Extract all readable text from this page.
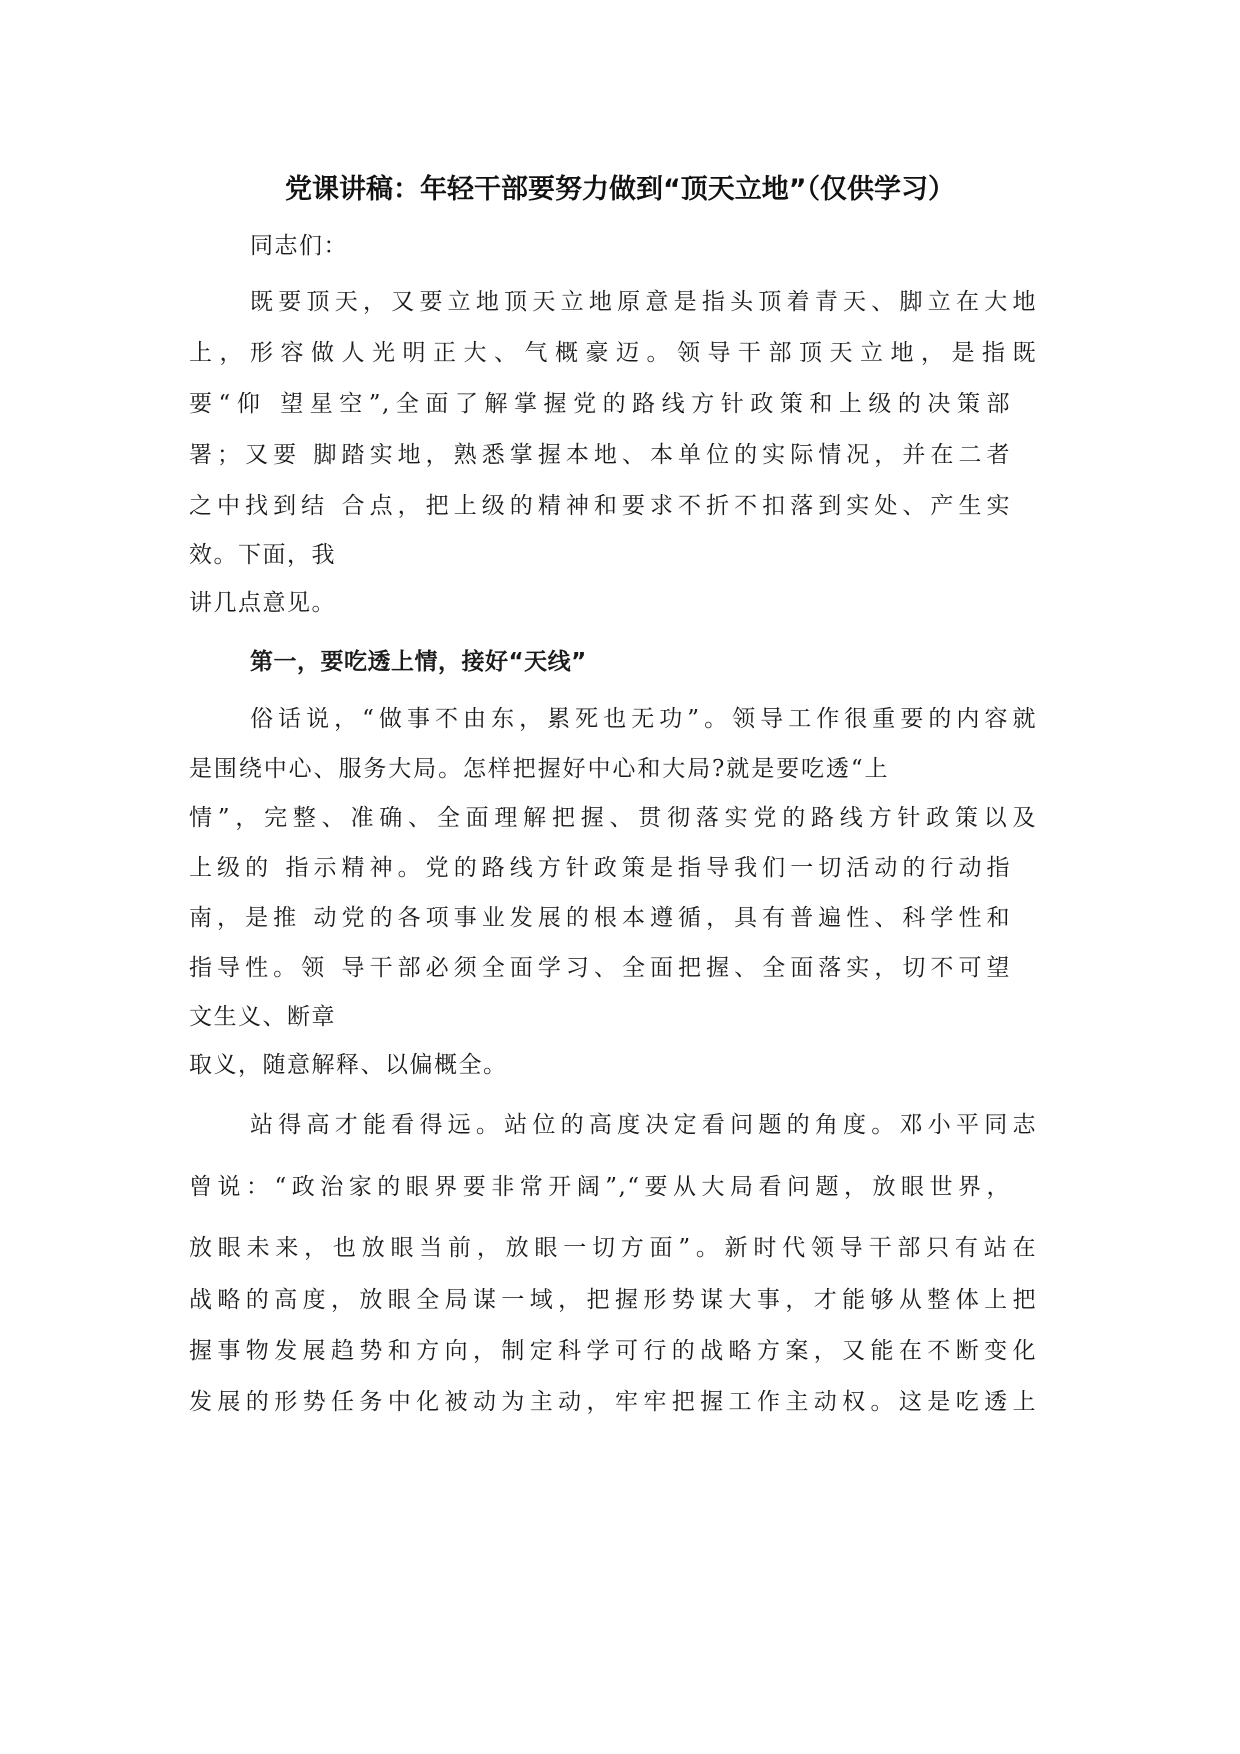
党课讲稿：年轻干部要努力做到“顶天立地”（仅供学习）
同志们：
既要顶天，又要立地顶天立地原意是指头顶着青天、脚立在大地
上，形容做人光明正大、气概豪迈。领导干部顶天立地，是指既
要“仰 望星空”,全面了解掌握党的路线方针政策和上级的决策部
署；又要 脚踏实地，熟悉掌握本地、本单位的实际情况，并在二者
之中找到结 合点，把上级的精神和要求不折不扣落到实处、产生实
效。下面，我
讲几点意见。
第一，要吃透上情，接好“天线”
俗话说，“做事不由东，累死也无功”。领导工作很重要的内容就
是围绕中心、服务大局。怎样把握好中心和大局?就是要吃透“上
情”，完整、准确、全面理解把握、贯彻落实党的路线方针政策以及
上级的 指示精神。党的路线方针政策是指导我们一切活动的行动指
南，是推 动党的各项事业发展的根本遵循，具有普遍性、科学性和
指导性。领 导干部必须全面学习、全面把握、全面落实，切不可望
文生义、断章
取义，随意解释、以偏概全。
站得高才能看得远。站位的高度决定看问题的角度。邓小平同志
曾说：“政治家的眼界要非常开阔”,“要从大局看问题，放眼世界，
放眼未来，也放眼当前，放眼一切方面”。新时代领导干部只有站在
战略的高度，放眼全局谋一域，把握形势谋大事，才能够从整体上把
握事物发展趋势和方向，制定科学可行的战略方案，又能在不断变化
发展的形势任务中化被动为主动，牢牢把握工作主动权。这是吃透上
